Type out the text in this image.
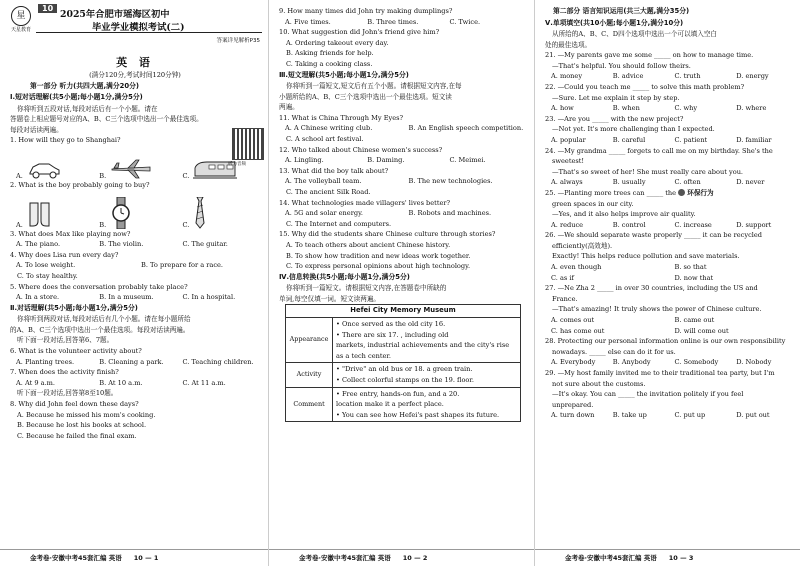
星
天星教育
10
2025年合肥市瑶海区初中
毕业学业模拟考试(二)
答案详见解析P35
英 语
(满分120分,考试时间120分钟)
第一部分 听力(共四大题,满分20分)
Ⅰ.短对话理解(共5小题;每小题1分,满分5分)
你将听到五段对话,每段对话后有一个小题。请在
答题卷上相应题号对应的A、B、C三个选项中选出一个最佳选项。
每段对话读两遍。
1. How will they go to Shanghai?
A.	B.	C.
2. What is the boy probably going to buy?
A.	B.	C.
3. What does Max like playing now?
A. The piano.	B. The violin.	C. The guitar.
4. Why does Lisa run every day?
A. To lose weight.	B. To prepare for a race.
C. To stay healthy.
5. Where does the conversation probably take place?
A. In a store.	B. In a museum.	C. In a hospital.
Ⅱ.对话理解(共5小题;每小题1分,满分5分)
你将听到两段对话,每段对话后有几个小题。请在每小题所给
的A、B、C三个选项中选出一个最佳选项。每段对话读两遍。
听下面一段对话,回答第6、7题。
6. What is the volunteer activity about?
A. Planting trees.	B. Cleaning a park.	C. Teaching children.
7. When does the activity finish?
A. At 9 a.m.	B. At 10 a.m.	C. At 11 a.m.
听下面一段对话,回答第8至10题。
8. Why did John feel down these days?
A. Because he missed his mom's cooking.
B. Because he lost his books at school.
C. Because he failed the final exam.
听力音频
金考卷·安徽中考45套汇编 英语 10 — 1
9. How many times did John try making dumplings?
A. Five times.	B. Three times.	C. Twice.
10. What suggestion did John's friend give him?
A. Ordering takeout every day.
B. Asking friends for help.
C. Taking a cooking class.
Ⅲ.短文理解(共5小题;每小题1分,满分5分)
你将听到一篇短文,短文后有五个小题。请根据短文内容,在每
小题所给的A、B、C三个选项中选出一个最佳选项。短文读
两遍。
11. What is China Through My Eyes?
A. A Chinese writing club.	B. An English speech competition.
C. A school art festival.
12. Who talked about Chinese women's success?
A. Lingling.	B. Daming.	C. Meimei.
13. What did the boy talk about?
A. The volleyball team.	B. The new technologies.
C. The ancient Silk Road.
14. What technologies made villagers' lives better?
A. 5G and solar energy.	B. Robots and machines.
C. The Internet and computers.
15. Why did the students share Chinese culture through stories?
A. To teach others about ancient Chinese history.
B. To show how tradition and new ideas work together.
C. To express personal opinions about high technology.
Ⅳ.信息转换(共5小题;每小题1分,满分5分)
你将听到一篇短文。请根据短文内容,在答题卷中所缺的
单词,每空仅填一词。短文读两遍。
Hefei City Memory Museum	
Appearance	• Once served as the old city 16.
• There are six 17. , including old
markets, industrial achievements and the city's rise
as a tech center.

Activity	• "Drive" an old bus or 18. a green train.
• Collect colorful stamps on the 19. floor.

Comment	• Free entry, hands-on fun, and a 20.
location make it a perfect place.
• You can see how Hefei's past shapes its future.
金考卷·安徽中考45套汇编 英语 10 — 2
第二部分 语言知识运用(共三大题,满分35分)
Ⅴ.单项填空(共10小题;每小题1分,满分10分)
从所给的A、B、C、D四个选项中选出一个可以填入空白
处的最佳选项。
21. —My parents gave me some _____ on how to manage time.
—That's helpful. You should follow theirs.
A. money	B. advice	C. truth	D. energy
22. —Could you teach me _____ to solve this math problem?
—Sure. Let me explain it step by step.
A. how	B. when	C. why	D. where
23. —Are you _____ with the new project?
—Not yet. It's more challenging than I expected.
A. popular	B. careful	C. patient	D. familiar
24. —My grandma _____ forgets to call me on my birthday. She's the
sweetest!
—That's so sweet of her! She must really care about you.
A. always	B. usually	C. often	D. never
25. —Planting more trees can _____ the 环保行为
green spaces in our city.
—Yes, and it also helps improve air quality.
A. reduce	B. control	C. increase	D. support
26. —We should separate waste properly _____ it can be recycled
efficiently(高效地).
Exactly! This helps reduce pollution and save materials.
A. even though	B. so that
C. as if	D. now that
27. —Ne Zha 2 _____ in over 30 countries, including the US and
France.
—That's amazing! It truly shows the power of Chinese culture.
A. comes out	B. came out
C. has come out	D. will come out
28. Protecting our personal information online is our own responsibility
nowadays. _____ else can do it for us.
A. Everybody	B. Anybody	C. Somebody	D. Nobody
29. —My host family invited me to their traditional tea party, but I'm
not sure about the customs.
—It's okay. You can _____ the invitation politely if you feel
unprepared.
A. turn down	B. take up	C. put up	D. put out
金考卷·安徽中考45套汇编 英语 10 — 3
